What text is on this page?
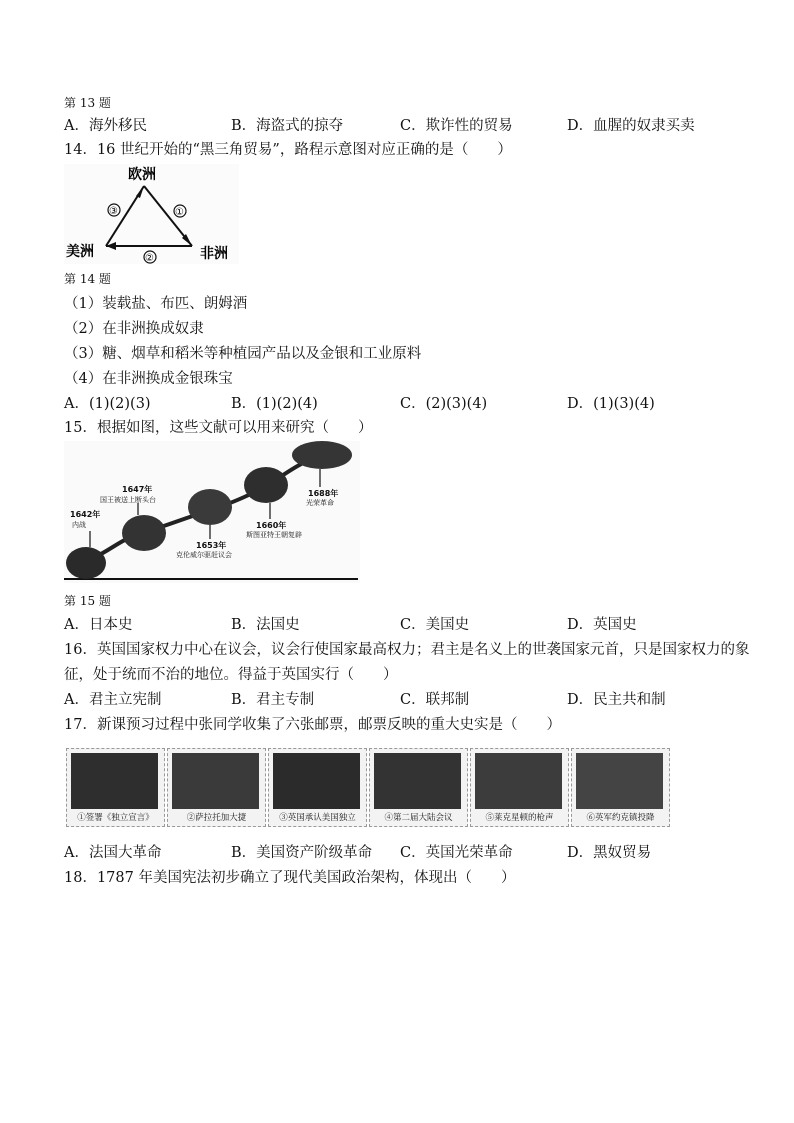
第 13 题
A．海外移民	B．海盗式的掠夺	C．欺诈性的贸易	D．血腥的奴隶买卖
14．16 世纪开始的“黑三角贸易”，路程示意图对应正确的是（　　）
欧洲
美洲	非洲
①
②
③
第 14 题
（1）装载盐、布匹、朗姆酒
（2）在非洲换成奴隶
（3）糖、烟草和稻米等种植园产品以及金银和工业原料
（4）在非洲换成金银珠宝
A．(1)(2)(3)	B．(1)(2)(4)	C．(2)(3)(4)	D．(1)(3)(4)
15．根据如图，这些文献可以用来研究（　　）
1642年
内战
1647年
国王被送上断头台
1653年
克伦威尔驱赶议会
1660年
斯图亚特王朝复辟
1688年
光荣革命
第 15 题
A．日本史	B．法国史	C．美国史	D．英国史
16．英国国家权力中心在议会，议会行使国家最高权力；君主是名义上的世袭国家元首，只是国家权力的象
征，处于统而不治的地位。得益于英国实行（　　）
A．君主立宪制	B．君主专制	C．联邦制	D．民主共和制
17．新课预习过程中张同学收集了六张邮票，邮票反映的重大史实是（　　）
①签署《独立宣言》	②萨拉托加大捷	③英国承认美国独立	④第二届大陆会议	⑤莱克星顿的枪声	⑥英军约克镇投降
A．法国大革命	B．美国资产阶级革命 C．英国光荣革命	D．黑奴贸易
18．1787 年美国宪法初步确立了现代美国政治架构，体现出（　　）
